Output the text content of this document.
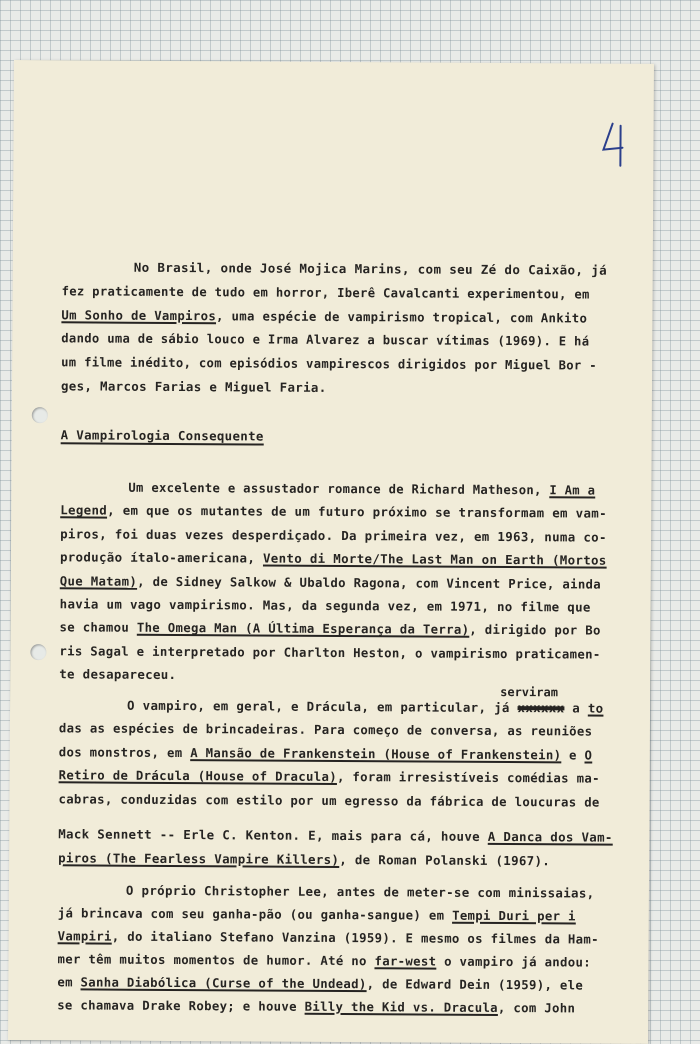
4
No Brasil, onde José Mojica Marins, com seu Zé do Caixão, já
fez praticamente de tudo em horror, Iberê Cavalcanti experimentou, em
Um Sonho de Vampiros, uma espécie de vampirismo tropical, com Ankito
dando uma de sábio louco e Irma Alvarez a buscar vítimas (1969). E há
um filme inédito, com episódios vampirescos dirigidos por Miguel Bor -
ges, Marcos Farias e Miguel Faria.
A Vampirologia Consequente
Um excelente e assustador romance de Richard Matheson, I Am a
Legend, em que os mutantes de um futuro próximo se transformam em vam-
piros, foi duas vezes desperdiçado. Da primeira vez, em 1963, numa co-
produção ítalo-americana, Vento di Morte/The Last Man on Earth (Mortos
Que Matam), de Sidney Salkow & Ubaldo Ragona, com Vincent Price, ainda
havia um vago vampirismo. Mas, da segunda vez, em 1971, no filme que
se chamou The Omega Man (A Última Esperança da Terra), dirigido por Bo
ris Sagal e interpretado por Charlton Heston, o vampirismo praticamen-
te desapareceu.
serviram
O vampiro, em geral, e Drácula, em particular, já xxxxxx a to
das as espécies de brincadeiras. Para começo de conversa, as reuniões
dos monstros, em A Mansão de Frankenstein (House of Frankenstein) e O
Retiro de Drácula (House of Dracula), foram irresistíveis comédias ma-
cabras, conduzidas com estilo por um egresso da fábrica de loucuras de
Mack Sennett -- Erle C. Kenton. E, mais para cá, houve A Danca dos Vam-
piros (The Fearless Vampire Killers), de Roman Polanski (1967).
O próprio Christopher Lee, antes de meter-se com minissaias,
já brincava com seu ganha-pão (ou ganha-sangue) em Tempi Duri per i
Vampiri, do italiano Stefano Vanzina (1959). E mesmo os filmes da Ham-
mer têm muitos momentos de humor. Até no far-west o vampiro já andou:
em Sanha Diabólica (Curse of the Undead), de Edward Dein (1959), ele
se chamava Drake Robey; e houve Billy the Kid vs. Dracula, com John
